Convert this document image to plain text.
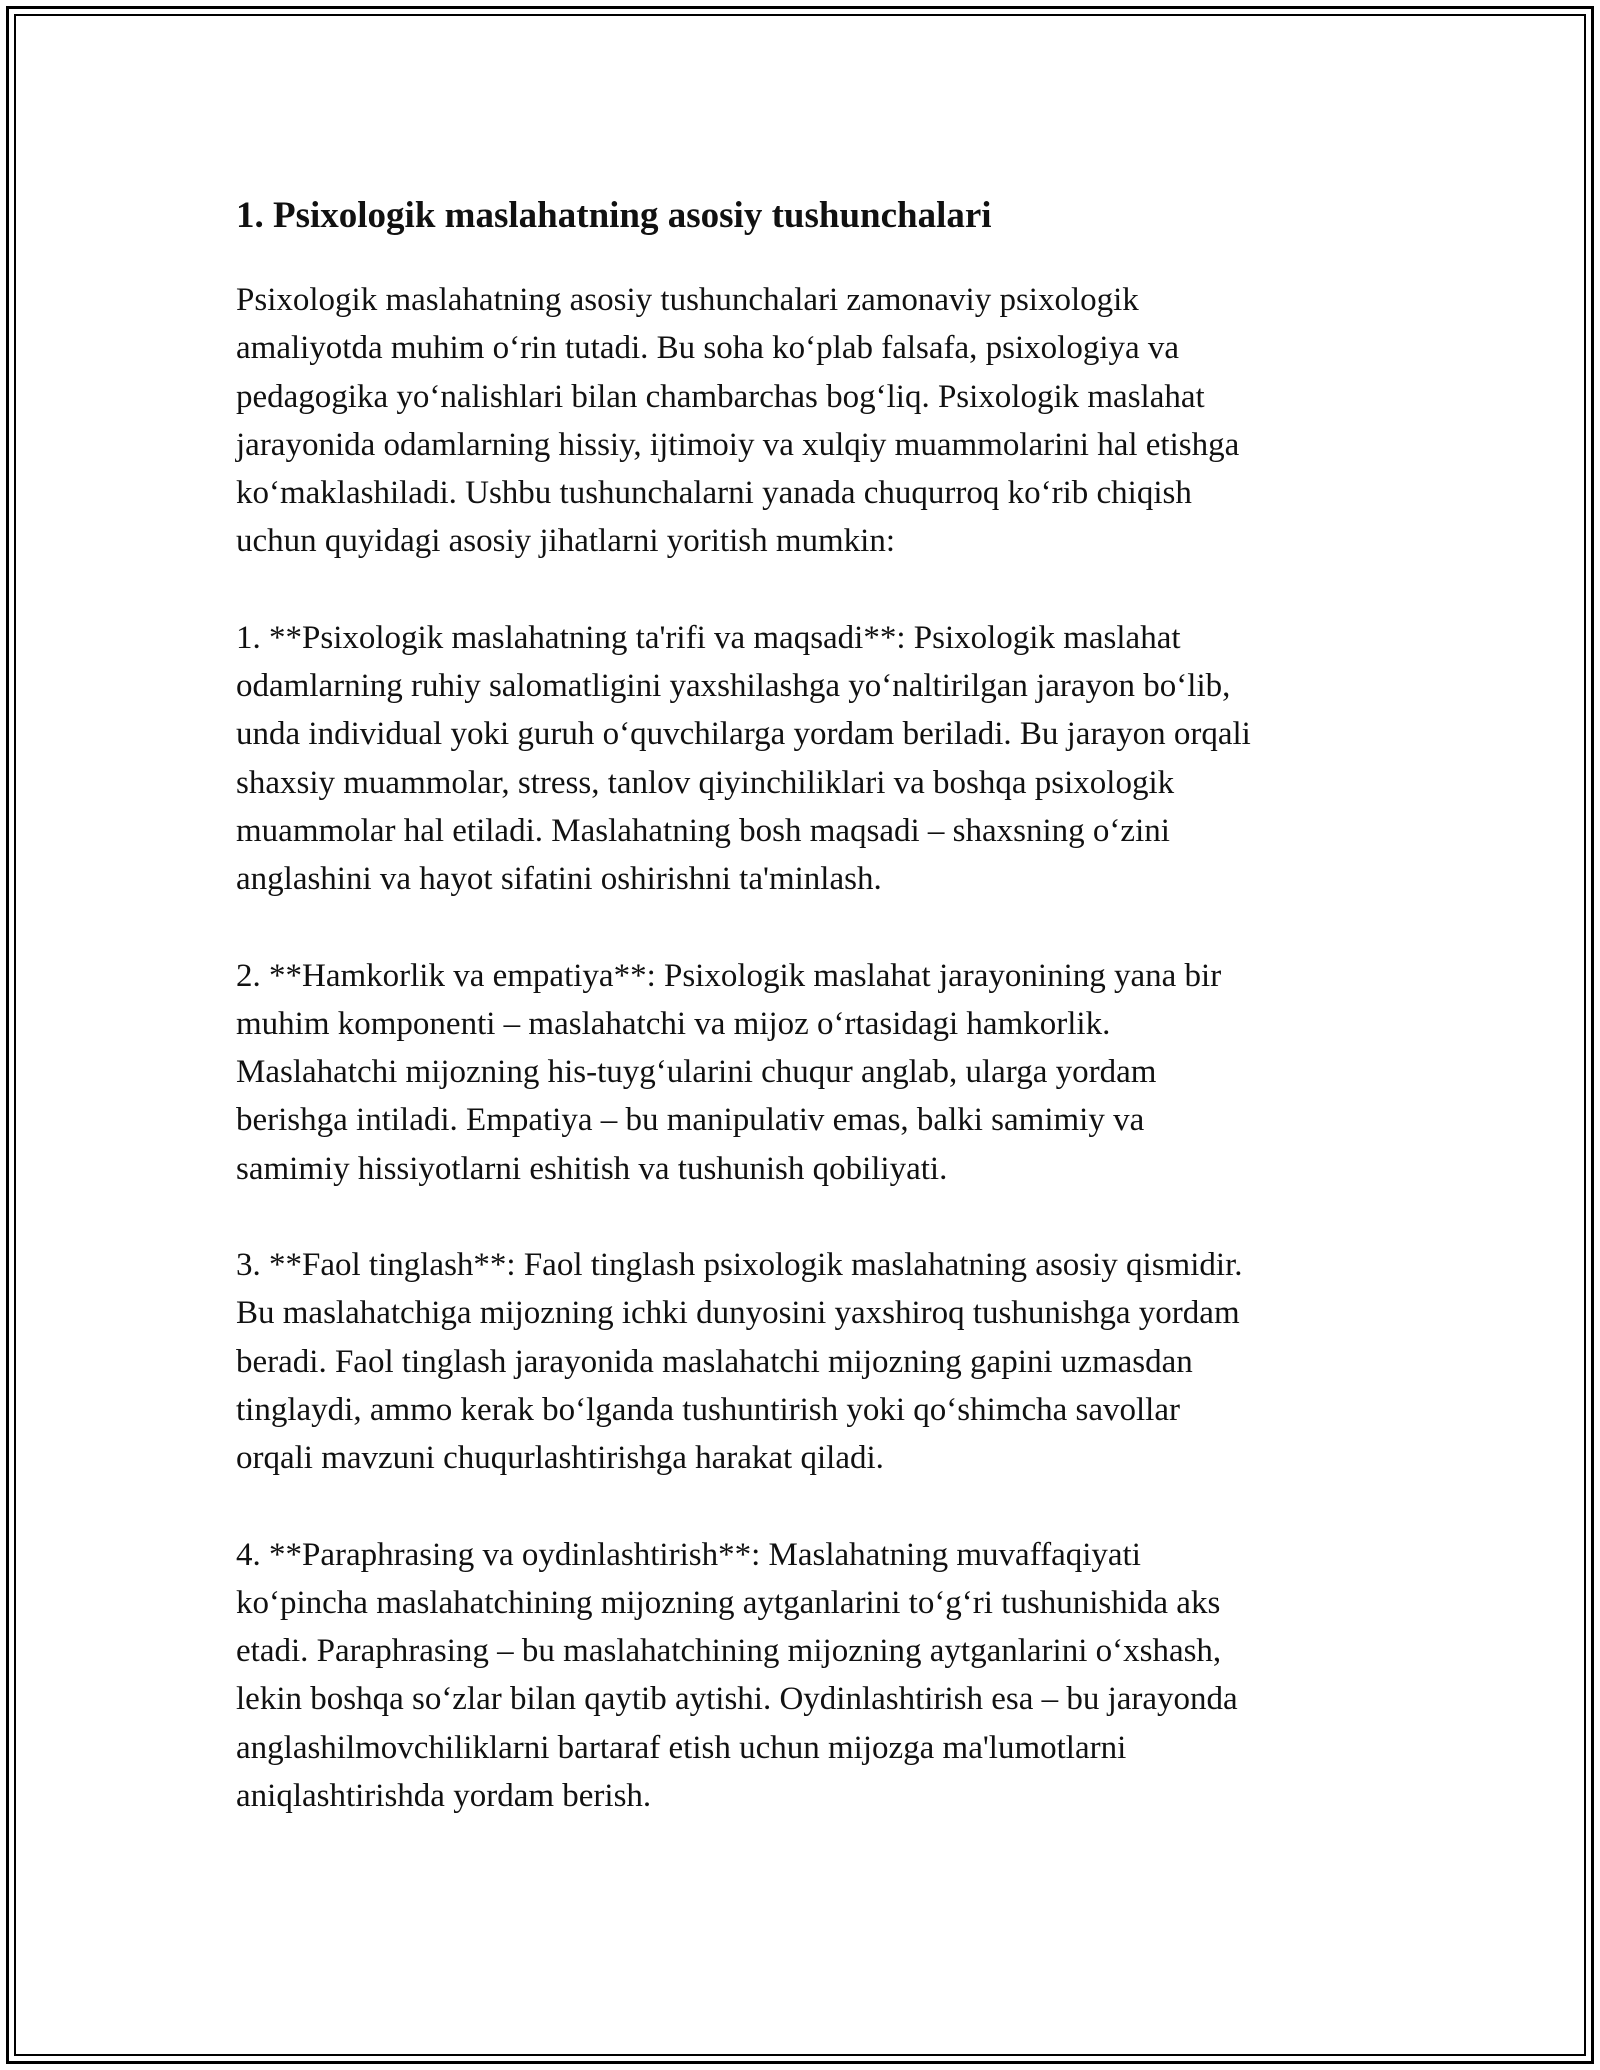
1. Psixologik maslahatning asosiy tushunchalari

Psixologik maslahatning asosiy tushunchalari zamonaviy psixologik
amaliyotda muhim oʻrin tutadi. Bu soha koʻplab falsafa, psixologiya va
pedagogika yoʻnalishlari bilan chambarchas bogʻliq. Psixologik maslahat
jarayonida odamlarning hissiy, ijtimoiy va xulqiy muammolarini hal etishga
koʻmaklashiladi. Ushbu tushunchalarni yanada chuqurroq koʻrib chiqish
uchun quyidagi asosiy jihatlarni yoritish mumkin:

1. **Psixologik maslahatning ta'rifi va maqsadi**: Psixologik maslahat
odamlarning ruhiy salomatligini yaxshilashga yoʻnaltirilgan jarayon boʻlib,
unda individual yoki guruh oʻquvchilarga yordam beriladi. Bu jarayon orqali
shaxsiy muammolar, stress, tanlov qiyinchiliklari va boshqa psixologik
muammolar hal etiladi. Maslahatning bosh maqsadi – shaxsning oʻzini
anglashini va hayot sifatini oshirishni ta'minlash.

2. **Hamkorlik va empatiya**: Psixologik maslahat jarayonining yana bir
muhim komponenti – maslahatchi va mijoz oʻrtasidagi hamkorlik.
Maslahatchi mijozning his-tuygʻularini chuqur anglab, ularga yordam
berishga intiladi. Empatiya – bu manipulativ emas, balki samimiy va
samimiy hissiyotlarni eshitish va tushunish qobiliyati.

3. **Faol tinglash**: Faol tinglash psixologik maslahatning asosiy qismidir.
Bu maslahatchiga mijozning ichki dunyosini yaxshiroq tushunishga yordam
beradi. Faol tinglash jarayonida maslahatchi mijozning gapini uzmasdan
tinglaydi, ammo kerak boʻlganda tushuntirish yoki qoʻshimcha savollar
orqali mavzuni chuqurlashtirishga harakat qiladi.

4. **Paraphrasing va oydinlashtirish**: Maslahatning muvaffaqiyati
koʻpincha maslahatchining mijozning aytganlarini toʻgʻri tushunishida aks
etadi. Paraphrasing – bu maslahatchining mijozning aytganlarini oʻxshash,
lekin boshqa soʻzlar bilan qaytib aytishi. Oydinlashtirish esa – bu jarayonda
anglashilmovchiliklarni bartaraf etish uchun mijozga ma'lumotlarni
aniqlashtirishda yordam berish.
